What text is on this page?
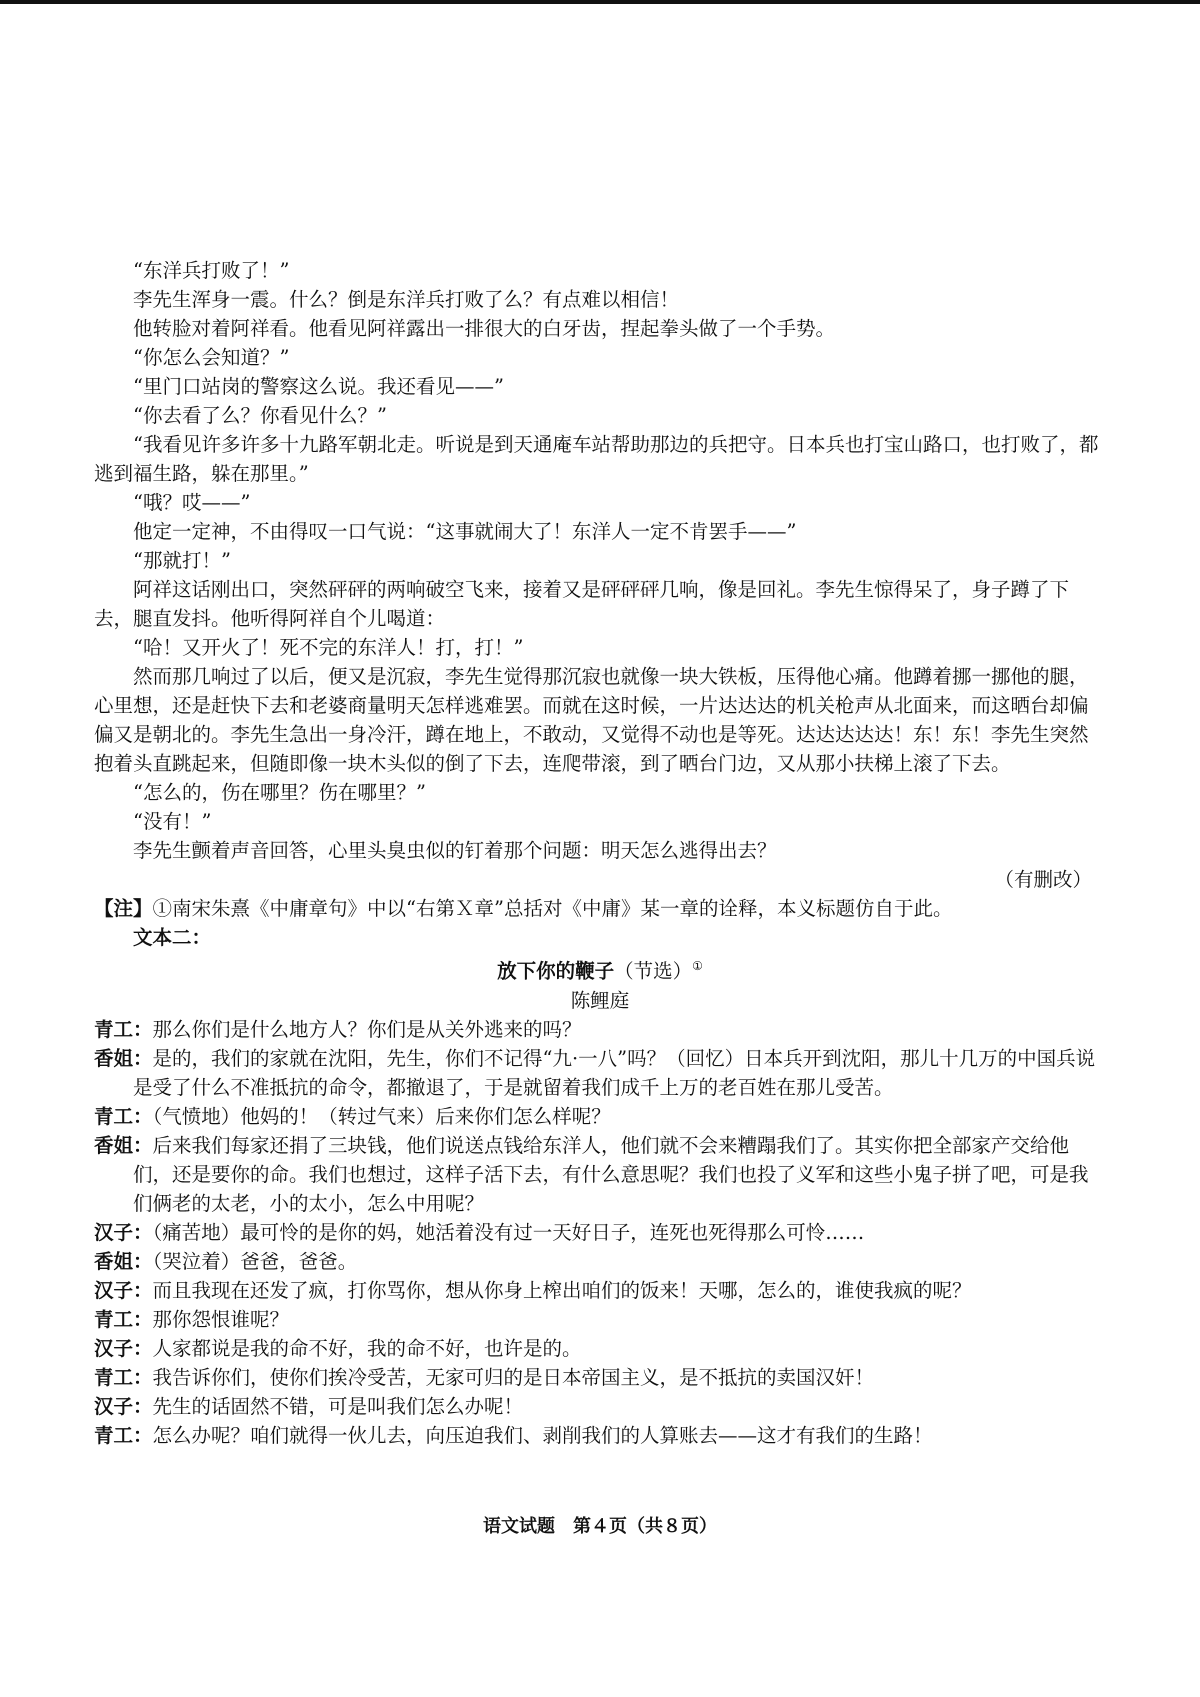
“东洋兵打败了！”

李先生浑身一震。什么？倒是东洋兵打败了么？有点难以相信！

他转脸对着阿祥看。他看见阿祥露出一排很大的白牙齿，捏起拳头做了一个手势。

“你怎么会知道？”

“里门口站岗的警察这么说。我还看见——”

“你去看了么？你看见什么？”

“我看见许多许多十九路军朝北走。听说是到天通庵车站帮助那边的兵把守。日本兵也打宝山路口，也打败了，都逃到福生路，躲在那里。”

“哦？哎——”

他定一定神，不由得叹一口气说：“这事就闹大了！东洋人一定不肯罢手——”

“那就打！”

阿祥这话刚出口，突然砰砰的两响破空飞来，接着又是砰砰砰几响，像是回礼。李先生惊得呆了，身子蹲了下去，腿直发抖。他听得阿祥自个儿喝道：

“哈！又开火了！死不完的东洋人！打，打！”

然而那几响过了以后，便又是沉寂，李先生觉得那沉寂也就像一块大铁板，压得他心痛。他蹲着挪一挪他的腿，心里想，还是赶快下去和老婆商量明天怎样逃难罢。而就在这时候，一片达达达的机关枪声从北面来，而这晒台却偏偏又是朝北的。李先生急出一身冷汗，蹲在地上，不敢动，又觉得不动也是等死。达达达达达！东！东！李先生突然抱着头直跳起来，但随即像一块木头似的倒了下去，连爬带滚，到了晒台门边，又从那小扶梯上滚了下去。

“怎么的，伤在哪里？伤在哪里？”

“没有！”

李先生颤着声音回答，心里头臭虫似的钉着那个问题：明天怎么逃得出去？

（有删改）

【注】①南宋朱熹《中庸章句》中以“右第Ｘ章”总括对《中庸》某一章的诠释，本义标题仿自于此。

文本二：

放下你的鞭子（节选）①

陈鲤庭

青工：那么你们是什么地方人？你们是从关外逃来的吗？

香姐：是的，我们的家就在沈阳，先生，你们不记得“九·一八”吗？（回忆）日本兵开到沈阳，那儿十几万的中国兵说是受了什么不准抵抗的命令，都撤退了，于是就留着我们成千上万的老百姓在那儿受苦。

青工：（气愤地）他妈的！（转过气来）后来你们怎么样呢？

香姐：后来我们每家还捐了三块钱，他们说送点钱给东洋人，他们就不会来糟蹋我们了。其实你把全部家产交给他们，还是要你的命。我们也想过，这样子活下去，有什么意思呢？我们也投了义军和这些小鬼子拼了吧，可是我们俩老的太老，小的太小，怎么中用呢？

汉子：（痛苦地）最可怜的是你的妈，她活着没有过一天好日子，连死也死得那么可怜……

香姐：（哭泣着）爸爸，爸爸。

汉子：而且我现在还发了疯，打你骂你，想从你身上榨出咱们的饭来！天哪，怎么的，谁使我疯的呢？

青工：那你怨恨谁呢？

汉子：人家都说是我的命不好，我的命不好，也许是的。

青工：我告诉你们，使你们挨冷受苦，无家可归的是日本帝国主义，是不抵抗的卖国汉奸！

汉子：先生的话固然不错，可是叫我们怎么办呢！

青工：怎么办呢？咱们就得一伙儿去，向压迫我们、剥削我们的人算账去——这才有我们的生路！

语文试题　第４页（共８页）
